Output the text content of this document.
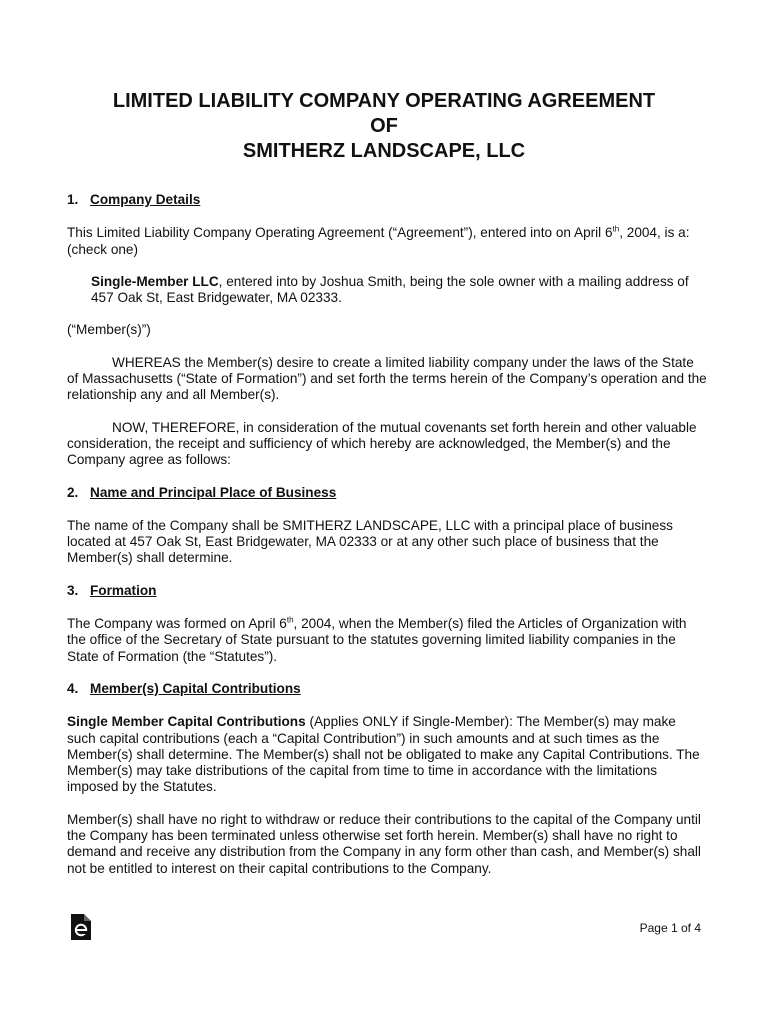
LIMITED LIABILITY COMPANY OPERATING AGREEMENT
OF
SMITHERZ LANDSCAPE, LLC
1. Company Details

This Limited Liability Company Operating Agreement (“Agreement”), entered into on April 6th, 2004, is a: (check one)

Single-Member LLC, entered into by Joshua Smith, being the sole owner with a mailing address of 457 Oak St, East Bridgewater, MA 02333.

(“Member(s)”)

WHEREAS the Member(s) desire to create a limited liability company under the laws of the State of Massachusetts (“State of Formation”) and set forth the terms herein of the Company’s operation and the relationship any and all Member(s).

NOW, THEREFORE, in consideration of the mutual covenants set forth herein and other valuable consideration, the receipt and sufficiency of which hereby are acknowledged, the Member(s) and the Company agree as follows:

2. Name and Principal Place of Business

The name of the Company shall be SMITHERZ LANDSCAPE, LLC with a principal place of business located at 457 Oak St, East Bridgewater, MA 02333 or at any other such place of business that the Member(s) shall determine.

3. Formation

The Company was formed on April 6th, 2004, when the Member(s) filed the Articles of Organization with the office of the Secretary of State pursuant to the statutes governing limited liability companies in the State of Formation (the “Statutes”).

4. Member(s) Capital Contributions

Single Member Capital Contributions (Applies ONLY if Single-Member): The Member(s) may make such capital contributions (each a “Capital Contribution”) in such amounts and at such times as the Member(s) shall determine. The Member(s) shall not be obligated to make any Capital Contributions. The Member(s) may take distributions of the capital from time to time in accordance with the limitations imposed by the Statutes.

Member(s) shall have no right to withdraw or reduce their contributions to the capital of the Company until the Company has been terminated unless otherwise set forth herein. Member(s) shall have no right to demand and receive any distribution from the Company in any form other than cash, and Member(s) shall not be entitled to interest on their capital contributions to the Company.

Page 1 of 4
